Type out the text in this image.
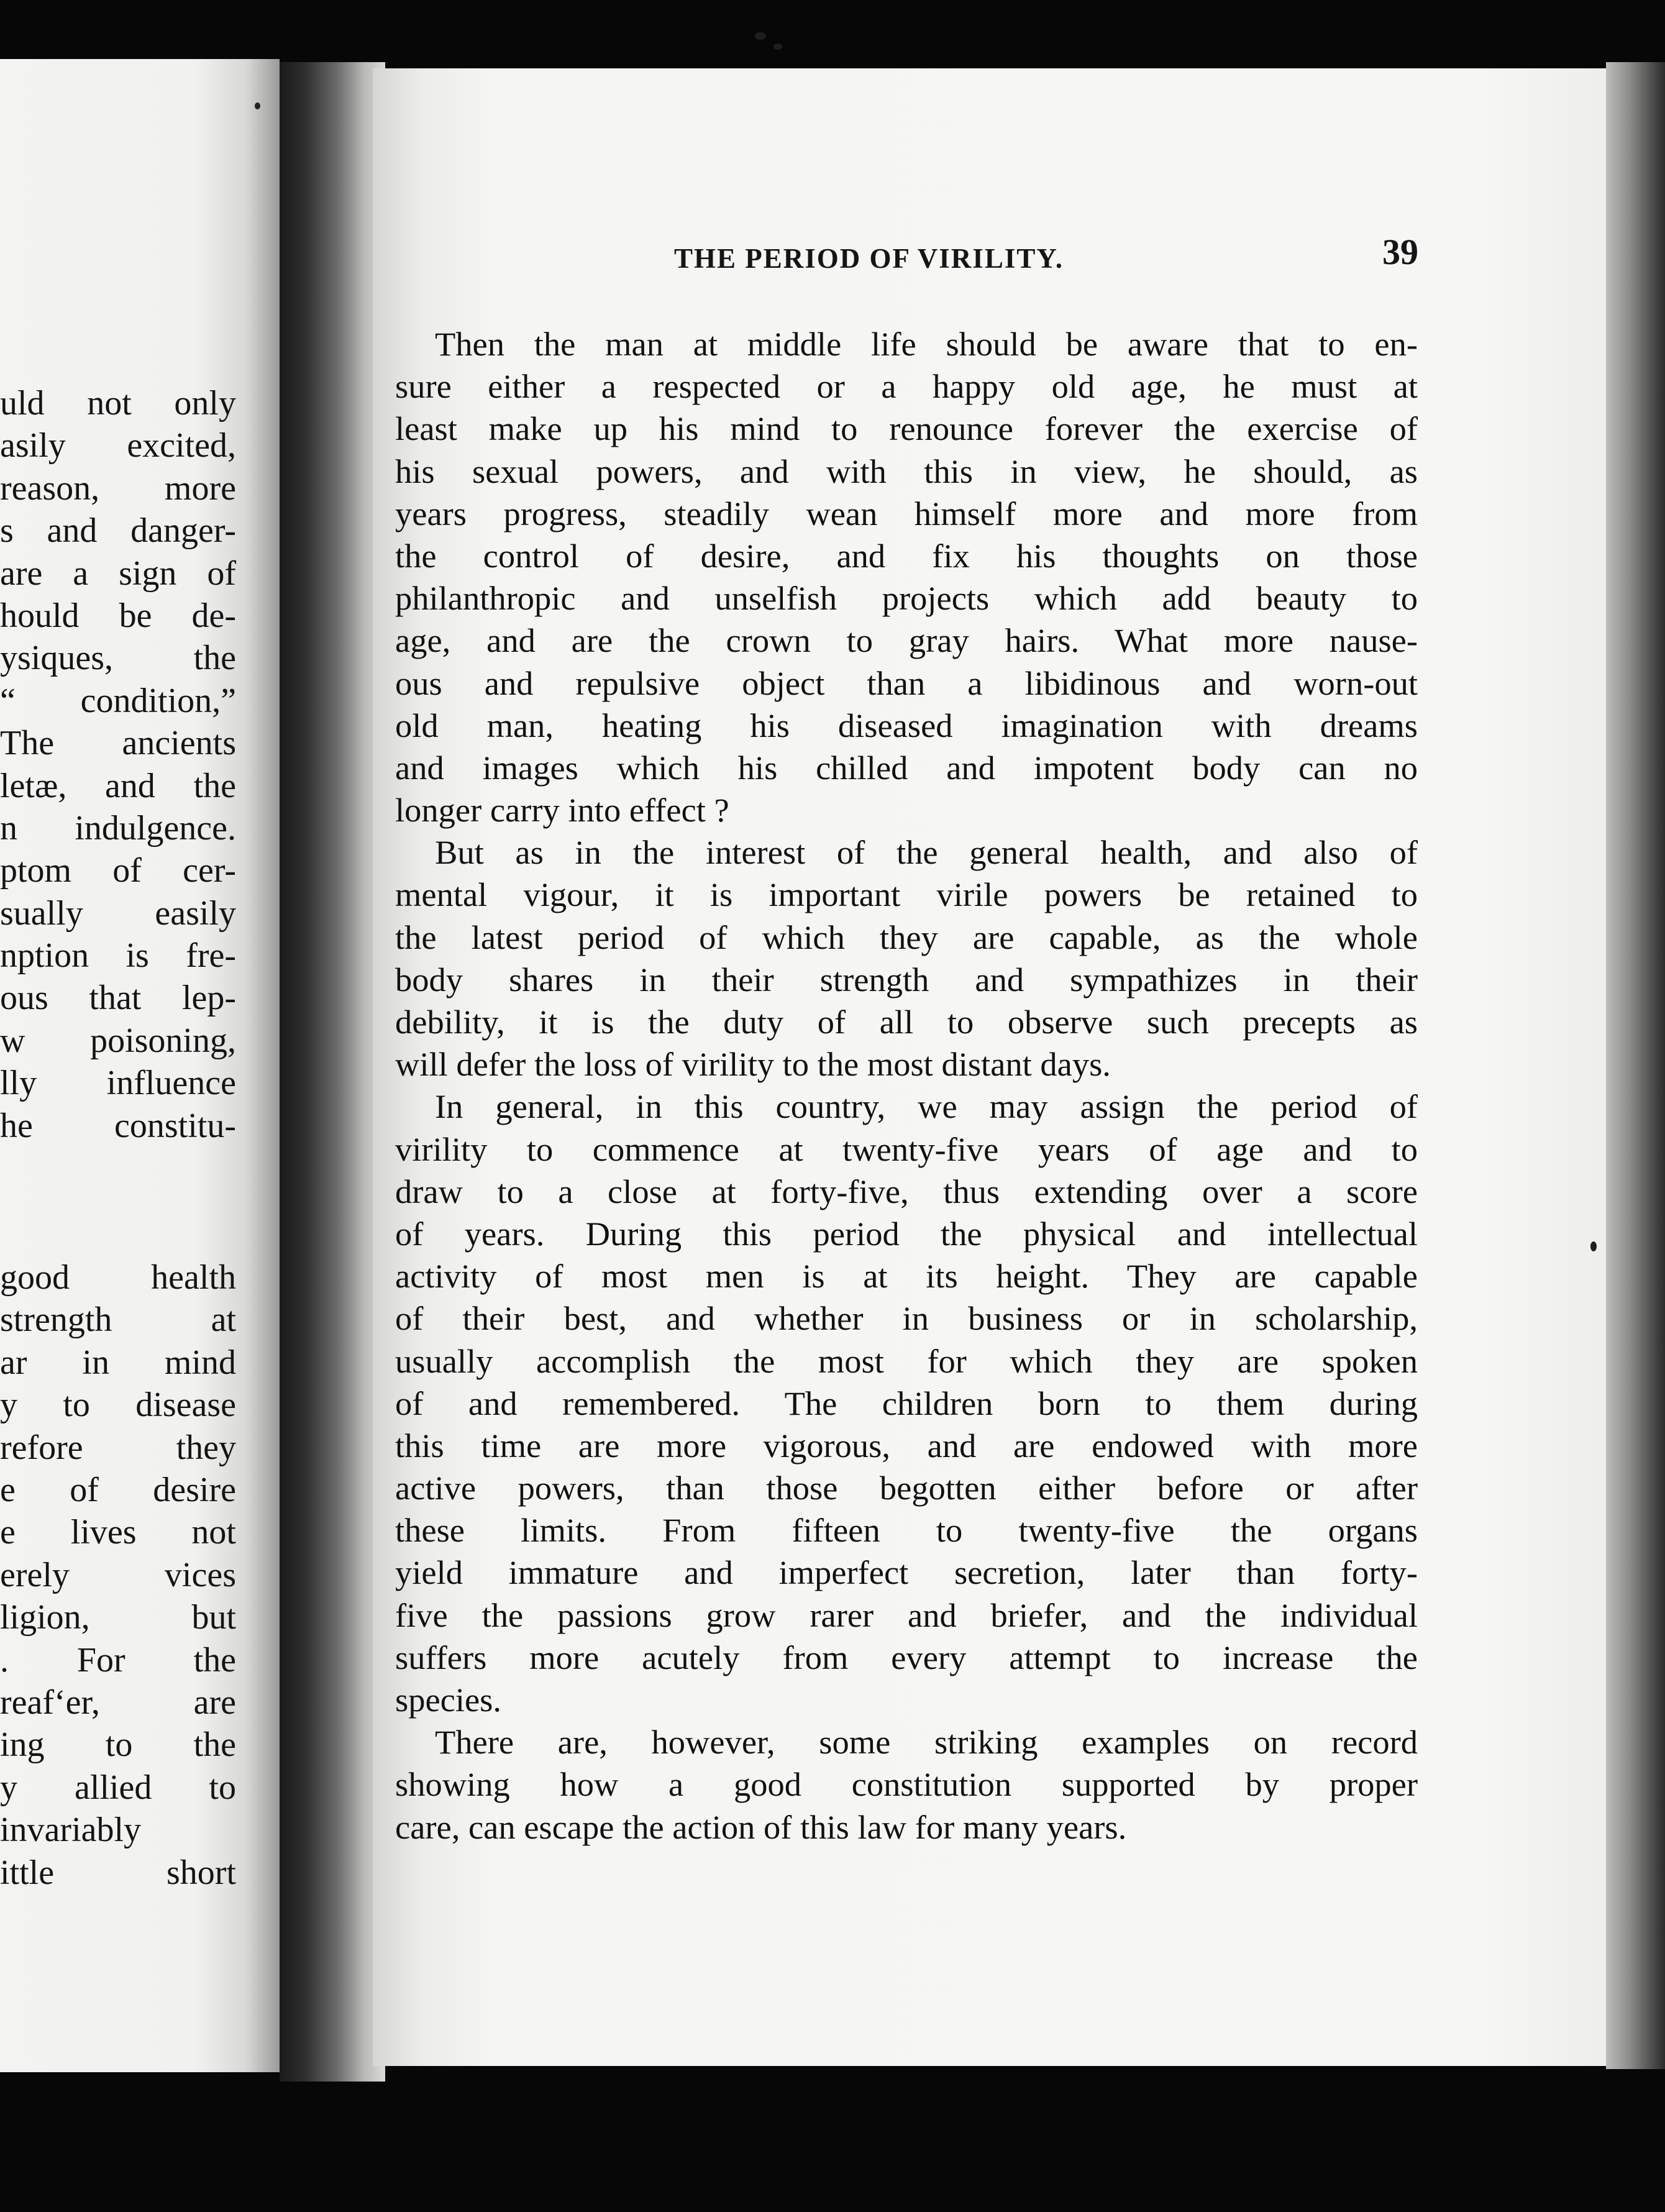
uld not only
asily excited,
reason, more
s and danger-
are a sign of
hould be de-
ysiques, the
“ condition,”
The ancients
letæ, and the
n indulgence.
ptom of cer-
sually easily
nption is fre-
ous that lep-
w poisoning,
lly influence
he constitu-
good health
strength at
ar in mind
y to disease
refore they
e of desire
e lives not
erely vices
ligion, but
. For the
reaf‘er, are
ing to the
y allied to
invariably
ittle short
THE PERIOD OF VIRILITY.	39
Then the man at middle life should be aware that to en-
sure either a respected or a happy old age, he must at
least make up his mind to renounce forever the exercise of
his sexual powers, and with this in view, he should, as
years progress, steadily wean himself more and more from
the control of desire, and fix his thoughts on those
philanthropic and unselfish projects which add beauty to
age, and are the crown to gray hairs. What more nause-
ous and repulsive object than a libidinous and worn-out
old man, heating his diseased imagination with dreams
and images which his chilled and impotent body can no
longer carry into effect ?
But as in the interest of the general health, and also of
mental vigour, it is important virile powers be retained to
the latest period of which they are capable, as the whole
body shares in their strength and sympathizes in their
debility, it is the duty of all to observe such precepts as
will defer the loss of virility to the most distant days.
In general, in this country, we may assign the period of
virility to commence at twenty-five years of age and to
draw to a close at forty-five, thus extending over a score
of years. During this period the physical and intellectual
activity of most men is at its height. They are capable
of their best, and whether in business or in scholarship,
usually accomplish the most for which they are spoken
of and remembered. The children born to them during
this time are more vigorous, and are endowed with more
active powers, than those begotten either before or after
these limits. From fifteen to twenty-five the organs
yield immature and imperfect secretion, later than forty-
five the passions grow rarer and briefer, and the individual
suffers more acutely from every attempt to increase the
species.
There are, however, some striking examples on record
showing how a good constitution supported by proper
care, can escape the action of this law for many years.
